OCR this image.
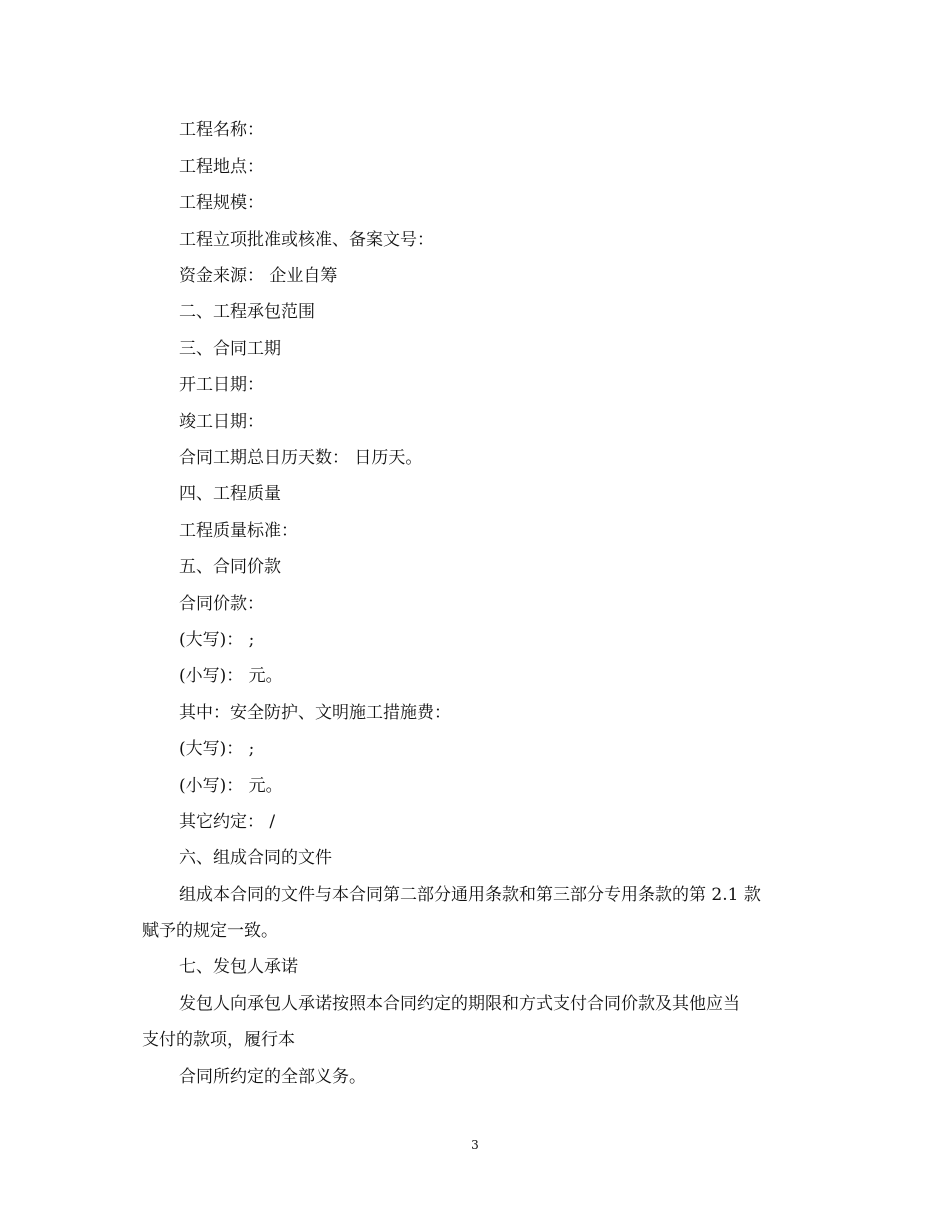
工程名称：
工程地点：
工程规模：
工程立项批准或核准、备案文号：
资金来源： 企业自筹
二、工程承包范围
三、合同工期
开工日期：
竣工日期：
合同工期总日历天数： 日历天。
四、工程质量
工程质量标准：
五、合同价款
合同价款：
(大写)： ;
(小写)： 元。
其中：安全防护、文明施工措施费：
(大写)： ;
(小写)： 元。
其它约定： /
六、组成合同的文件
组成本合同的文件与本合同第二部分通用条款和第三部分专用条款的第 2.1 款
赋予的规定一致。
七、发包人承诺
发包人向承包人承诺按照本合同约定的期限和方式支付合同价款及其他应当
支付的款项，履行本
合同所约定的全部义务。
3
